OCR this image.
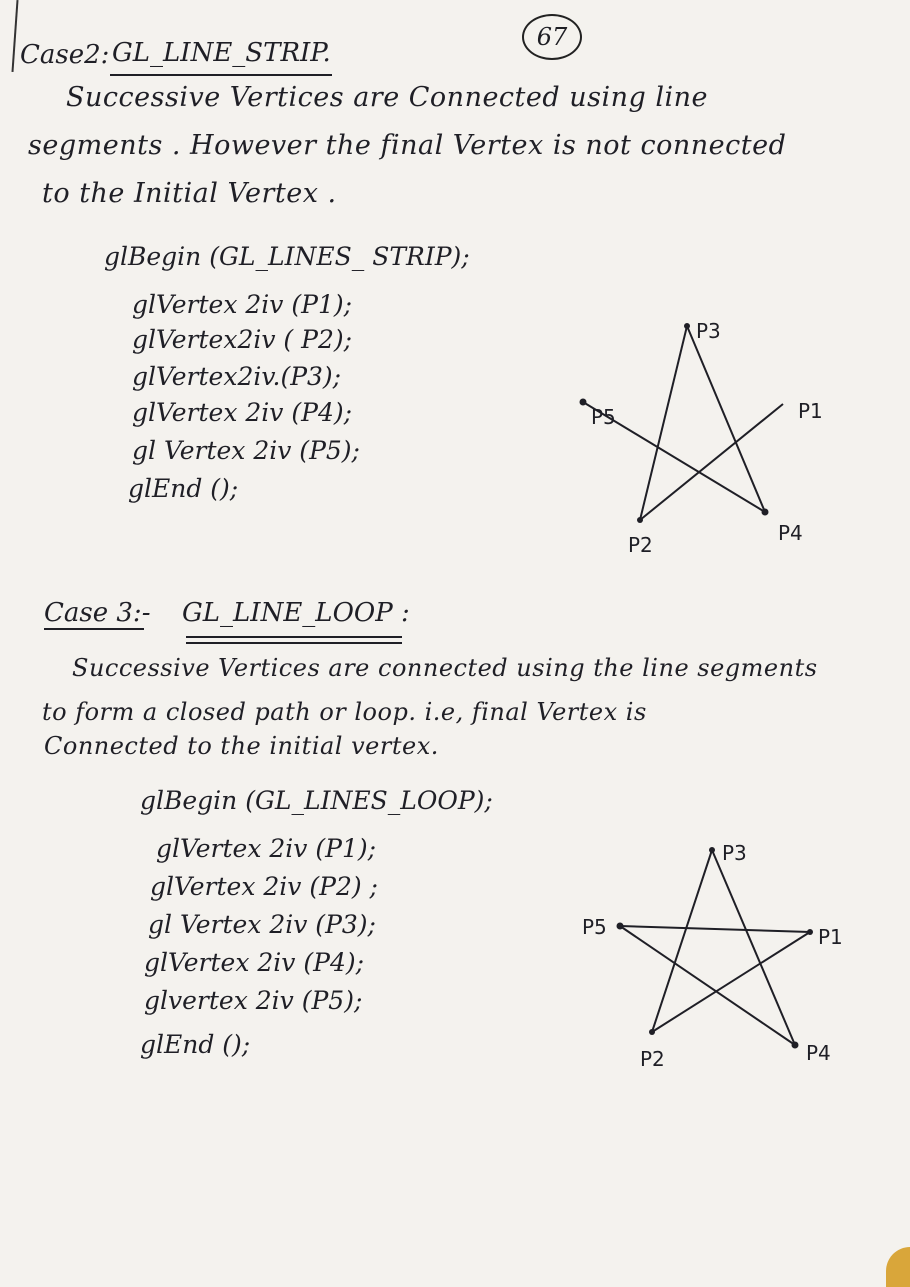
67
Case2: GL_LINE_STRIP.
Successive Vertices are Connected using line
segments . However the final Vertex is not connected
to the Initial Vertex .
glBegin (GL_LINES_ STRIP);
glVertex 2iv (P1);
glVertex2iv ( P2);
glVertex2iv.(P3);
glVertex 2iv (P4);
gl Vertex 2iv (P5);
glEnd ();
P3
P1
P5
P4
P2
Case 3:- GL_LINE_LOOP :
Successive Vertices are connected using the line segments
to form a closed path or loop. i.e, final Vertex is
Connected to the initial vertex.
glBegin (GL_LINES_LOOP);
glVertex 2iv (P1);
glVertex 2iv (P2) ;
gl Vertex 2iv (P3);
glVertex 2iv (P4);
glvertex 2iv (P5);
glEnd ();
P3
P5	P1
P2	P4
